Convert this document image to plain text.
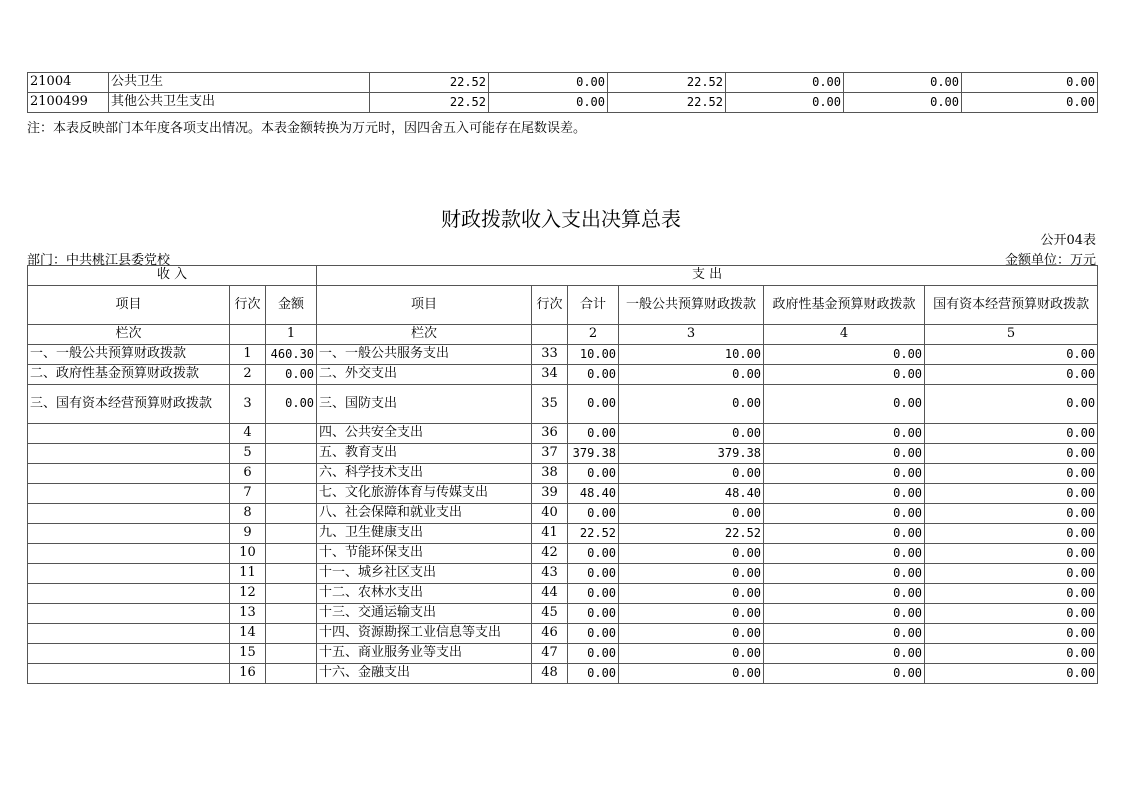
21004	公共卫生	22.52	0.00	22.52	0.00	0.00	0.00
2100499	其他公共卫生支出	22.52	0.00	22.52	0.00	0.00	0.00
注：本表反映部门本年度各项支出情况。本表金额转换为万元时，因四舍五入可能存在尾数误差。
财政拨款收入支出决算总表
公开04表
部门：中共桃江县委党校	金额单位：万元
收 入			支 出					
项目	行次	金额	项目	行次	合计	一般公共预算财政拨款	政府性基金预算财政拨款	国有资本经营预算财政拨款
栏次		1	栏次		2	3	4	5
一、一般公共预算财政拨款	1	460.30	一、一般公共服务支出	33	10.00	10.00	0.00	0.00
二、政府性基金预算财政拨款	2	0.00	二、外交支出	34	0.00	0.00	0.00	0.00
三、国有资本经营预算财政拨款	3	0.00	三、国防支出	35	0.00	0.00	0.00	0.00
	4		四、公共安全支出	36	0.00	0.00	0.00	0.00
	5		五、教育支出	37	379.38	379.38	0.00	0.00
	6		六、科学技术支出	38	0.00	0.00	0.00	0.00
	7		七、文化旅游体育与传媒支出	39	48.40	48.40	0.00	0.00
	8		八、社会保障和就业支出	40	0.00	0.00	0.00	0.00
	9		九、卫生健康支出	41	22.52	22.52	0.00	0.00
	10		十、节能环保支出	42	0.00	0.00	0.00	0.00
	11		十一、城乡社区支出	43	0.00	0.00	0.00	0.00
	12		十二、农林水支出	44	0.00	0.00	0.00	0.00
	13		十三、交通运输支出	45	0.00	0.00	0.00	0.00
	14		十四、资源勘探工业信息等支出	46	0.00	0.00	0.00	0.00
	15		十五、商业服务业等支出	47	0.00	0.00	0.00	0.00
	16		十六、金融支出	48	0.00	0.00	0.00	0.00
